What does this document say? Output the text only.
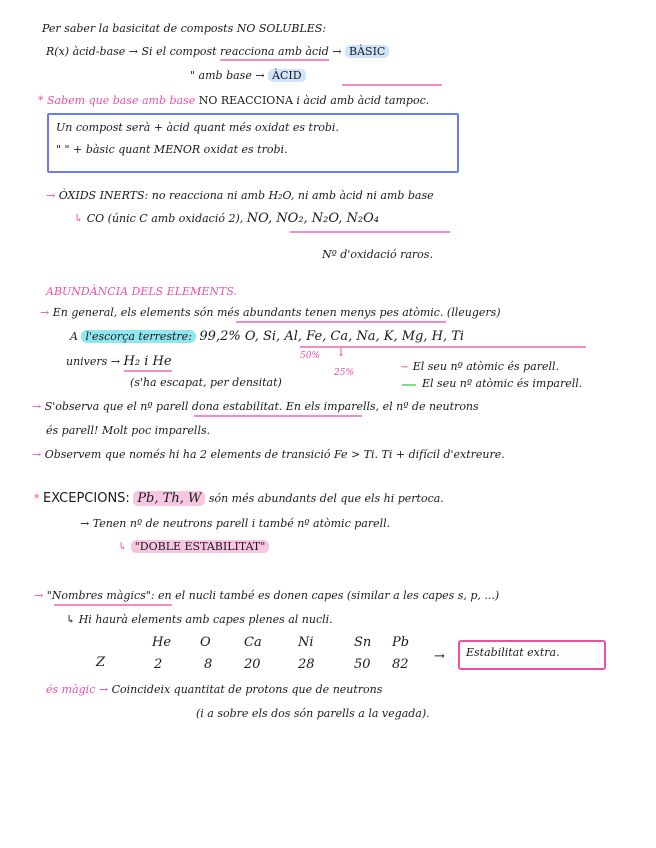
Per saber la basicitat de composts NO SOLUBLES:
R(x) àcid-base → Si el compost reacciona amb àcid → BÀSIC
" amb base → ÀCID
* Sabem que base amb base NO REACCIONA i àcid amb àcid tampoc.
Un compost serà + àcid quant més oxidat es trobi.
" " + bàsic quant MENOR oxidat es trobi.
→ ÒXIDS INERTS: no reacciona ni amb H₂O, ni amb àcid ni amb base
↳ CO (únic C amb oxidació 2), NO, NO₂, N₂O, N₂O₄
Nº d'oxidació raros.
ABUNDÀNCIA DELS ELEMENTS.
→ En general, els elements són més abundants tenen menys pes atòmic. (lleugers)
A l'escorça terrestre: 99,2% O, Si, Al, Fe, Ca, Na, K, Mg, H, Ti
50%
25%
↓
univers → H₂ i He	~ El seu nº atòmic és parell.
(s'ha escapat, per densitat)	El seu nº atòmic és imparell.
→ S'observa que el nº parell dona estabilitat. En els imparells, el nº de neutrons
és parell! Molt poc imparells.
→ Observem que només hi ha 2 elements de transició Fe > Ti. Ti + difícil d'extreure.
* EXCEPCIONS: Pb, Th, W són més abundants del que els hi pertoca.
→ Tenen nº de neutrons parell i també nº atòmic parell.
↳ "DOBLE ESTABILITAT"
→ "Nombres màgics": en el nucli també es donen capes (similar a les capes s, p, ...)
↳ Hi haurà elements amb capes plenes al nucli.
He O	Ca	Ni	Sn Pb
Z	2	8 20	28	50 82
→ Estabilitat extra.
és màgic → Coincideix quantitat de protons que de neutrons
(i a sobre els dos són parells a la vegada).
